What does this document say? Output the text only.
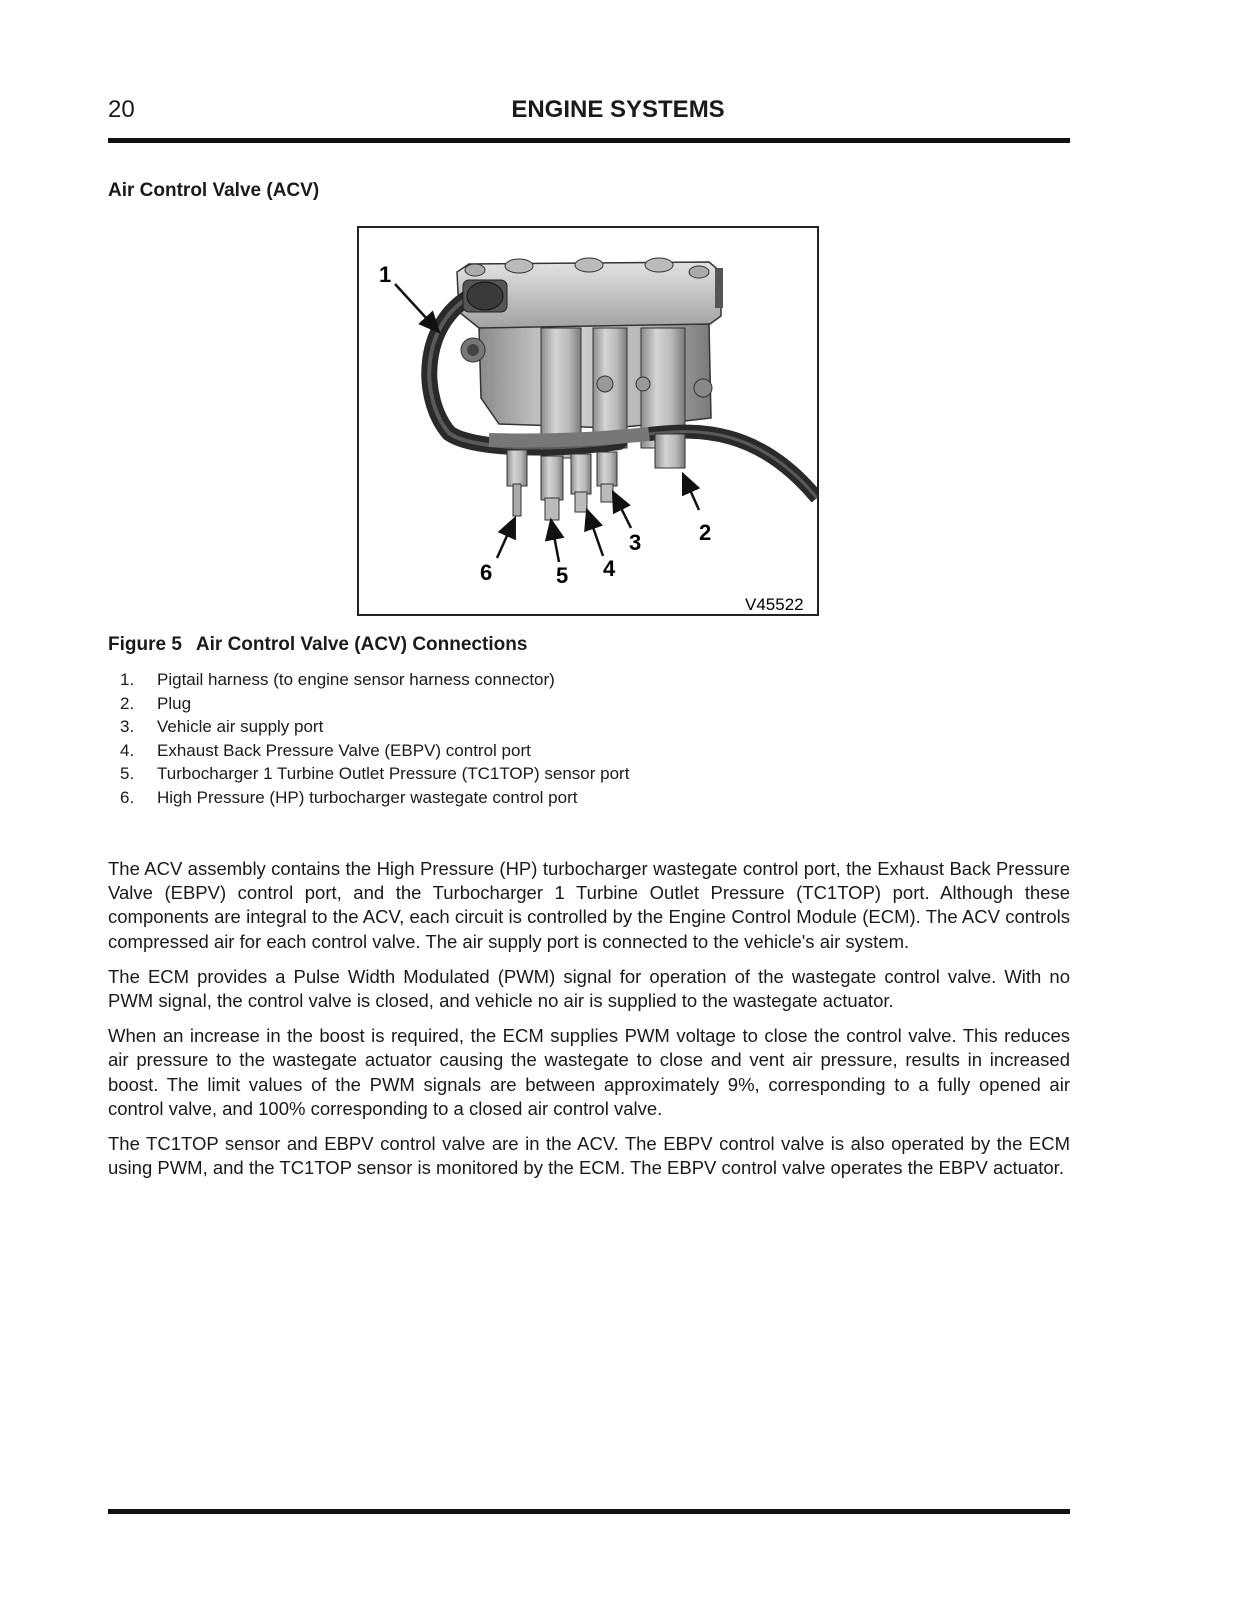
20	ENGINE SYSTEMS
Air Control Valve (ACV)
1
2
3
4
5
6
V45522
Figure 5 Air Control Valve (ACV) Connections
1.	Pigtail harness (to engine sensor harness connector)
2.	Plug
3.	Vehicle air supply port
4.	Exhaust Back Pressure Valve (EBPV) control port
5.	Turbocharger 1 Turbine Outlet Pressure (TC1TOP) sensor port
6.	High Pressure (HP) turbocharger wastegate control port

The ACV assembly contains the High Pressure (HP) turbocharger wastegate control port, the Exhaust Back Pressure Valve (EBPV) control port, and the Turbocharger 1 Turbine Outlet Pressure (TC1TOP) port. Although these components are integral to the ACV, each circuit is controlled by the Engine Control Module (ECM). The ACV controls compressed air for each control valve. The air supply port is connected to the vehicle's air system.

The ECM provides a Pulse Width Modulated (PWM) signal for operation of the wastegate control valve. With no PWM signal, the control valve is closed, and vehicle no air is supplied to the wastegate actuator.

When an increase in the boost is required, the ECM supplies PWM voltage to close the control valve. This reduces air pressure to the wastegate actuator causing the wastegate to close and vent air pressure, results in increased boost. The limit values of the PWM signals are between approximately 9%, corresponding to a fully opened air control valve, and 100% corresponding to a closed air control valve.

The TC1TOP sensor and EBPV control valve are in the ACV. The EBPV control valve is also operated by the ECM using PWM, and the TC1TOP sensor is monitored by the ECM. The EBPV control valve operates the EBPV actuator.
